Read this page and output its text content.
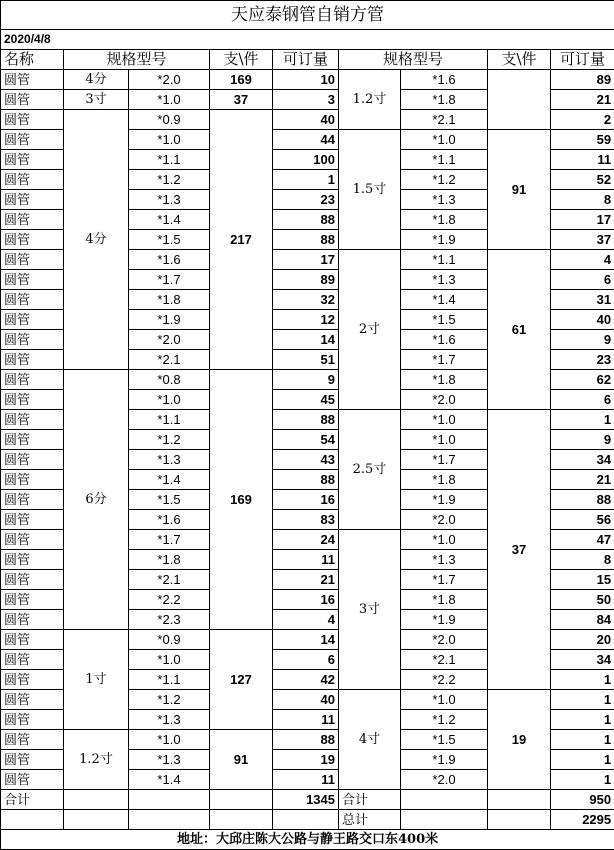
天应泰钢管自销方管								
2020/4/8								
名称	规格型号		支\件	可订量	规格型号		支\件	可订量
圆管	4分	*2.0	169	10	1.2寸	*1.6		89
圆管	3寸	*1.0	37	3		*1.8		21
圆管	4分	*0.9	217	40		*2.1		2
圆管		*1.0		44	1.5寸	*1.0	91	59
圆管		*1.1		100		*1.1		11
圆管		*1.2		1		*1.2		52
圆管		*1.3		23		*1.3		8
圆管		*1.4		88		*1.8		17
圆管		*1.5		88		*1.9		37
圆管		*1.6		17	2寸	*1.1	61	4
圆管		*1.7		89		*1.3		6
圆管		*1.8		32		*1.4		31
圆管		*1.9		12		*1.5		40
圆管		*2.0		14		*1.6		9
圆管		*2.1		51		*1.7		23
圆管	6分	*0.8	169	9		*1.8		62
圆管		*1.0		45		*2.0		6
圆管		*1.1		88	2.5寸	*1.0	37	1
圆管		*1.2		54		*1.0		9
圆管		*1.3		43		*1.7		34
圆管		*1.4		88		*1.8		21
圆管		*1.5		16		*1.9		88
圆管		*1.6		83		*2.0		56
圆管		*1.7		24	3寸	*1.0		47
圆管		*1.8		11		*1.3		8
圆管		*2.1		21		*1.7		15
圆管		*2.2		16		*1.8		50
圆管		*2.3		4		*1.9		84
圆管	1寸	*0.9	127	14		*2.0		20
圆管		*1.0		6		*2.1		34
圆管		*1.1		42		*2.2		1
圆管		*1.2		40	4寸	*1.0	19	1
圆管		*1.3		11		*1.2		1
圆管	1.2寸	*1.0	91	88		*1.5		1
圆管		*1.3		19		*1.9		1
圆管		*1.4		11		*2.0		1
合计				1345	合计			950
					总计			2295
地址：大邱庄陈大公路与静王路交口东400米								
